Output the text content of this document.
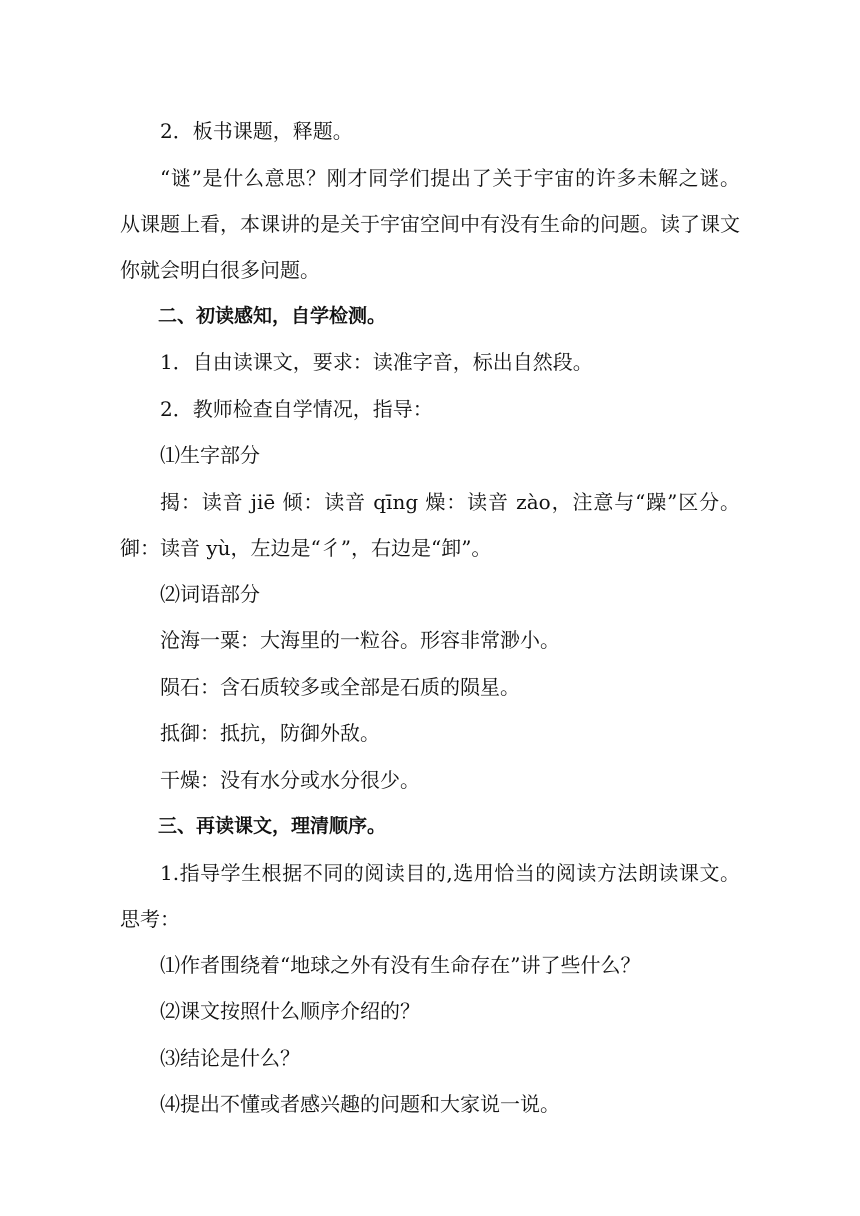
2．板书课题，释题。

“谜”是什么意思？刚才同学们提出了关于宇宙的许多未解之谜。从课题上看，本课讲的是关于宇宙空间中有没有生命的问题。读了课文你就会明白很多问题。

二、初读感知，自学检测。

1．自由读课文，要求：读准字音，标出自然段。

2．教师检查自学情况，指导：

⑴生字部分

揭：读音 jiē 倾：读音 qīng 燥：读音 zào，注意与“躁”区分。御：读音 yù，左边是“彳”，右边是“卸”。

⑵词语部分

沧海一粟：大海里的一粒谷。形容非常渺小。

陨石：含石质较多或全部是石质的陨星。

抵御：抵抗，防御外敌。

干燥：没有水分或水分很少。

三、再读课文，理清顺序。

1.指导学生根据不同的阅读目的,选用恰当的阅读方法朗读课文。思考：

⑴作者围绕着“地球之外有没有生命存在”讲了些什么？

⑵课文按照什么顺序介绍的？

⑶结论是什么？

⑷提出不懂或者感兴趣的问题和大家说一说。
